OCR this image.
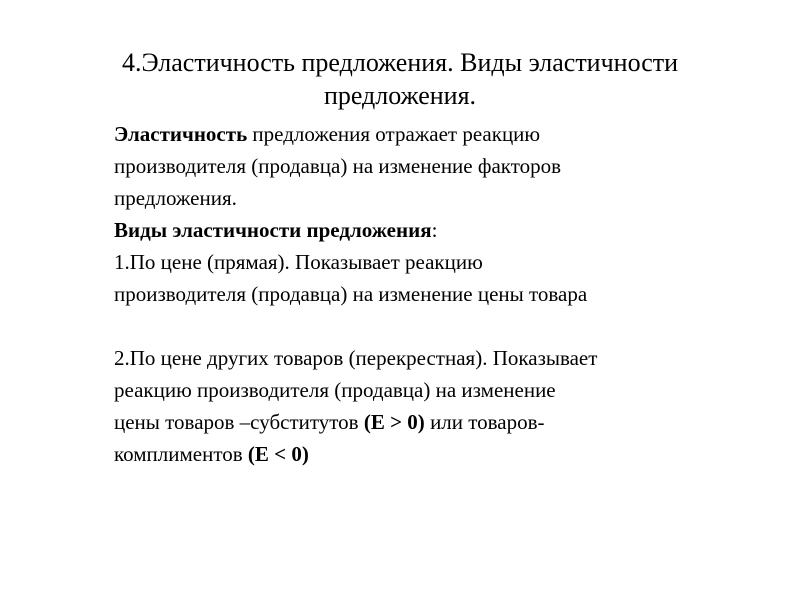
4.Эластичность предложения. Виды эластичности
предложения.

Эластичность предложения отражает реакцию

производителя (продавца) на изменение факторов

предложения.

Виды эластичности предложения:

1.По цене (прямая). Показывает реакцию

производителя (продавца) на изменение цены товара

2.По цене других товаров (перекрестная). Показывает

реакцию производителя (продавца) на изменение

цены товаров –субститутов (Е > 0) или товаров-

комплиментов (Е < 0)
